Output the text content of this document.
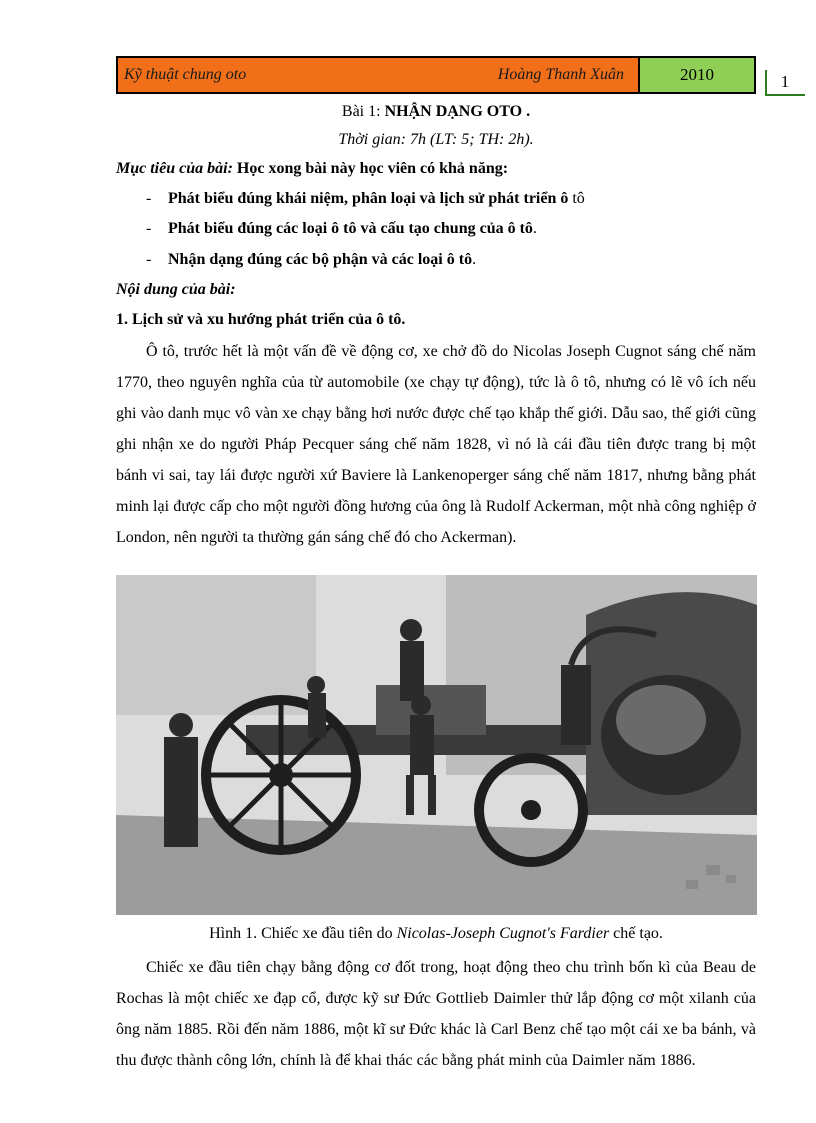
Kỹ thuật chung oto	Hoàng Thanh Xuân	2010	1
Bài 1: NHẬN DẠNG OTO .
Thời gian: 7h (LT: 5; TH: 2h).
Mục tiêu của bài: Học xong bài này học viên có khả năng:
- Phát biểu đúng khái niệm, phân loại và lịch sử phát triển ô tô
- Phát biểu đúng các loại ô tô và cấu tạo chung của ô tô.
- Nhận dạng đúng các bộ phận và các loại ô tô.
Nội dung của bài:
1. Lịch sử và xu hướng phát triển của ô tô.

Ô tô, trước hết là một vấn đề về động cơ, xe chở đồ do Nicolas Joseph Cugnot sáng chế năm 1770, theo nguyên nghĩa của từ automobile (xe chạy tự động), tức là ô tô, nhưng có lẽ vô ích nếu ghi vào danh mục vô vàn xe chạy bằng hơi nước được chế tạo khắp thế giới. Dẫu sao, thế giới cũng ghi nhận xe do người Pháp Pecquer sáng chế năm 1828, vì nó là cái đầu tiên được trang bị một bánh vi sai, tay lái được người xứ Baviere là Lankenoperger sáng chế năm 1817, nhưng bằng phát minh lại được cấp cho một người đồng hương của ông là Rudolf Ackerman, một nhà công nghiệp ở London, nên người ta thường gán sáng chế đó cho Ackerman).

Hình 1. Chiếc xe đầu tiên do Nicolas-Joseph Cugnot's Fardier chế tạo.

Chiếc xe đầu tiên chạy bằng động cơ đốt trong, hoạt động theo chu trình bốn kì của Beau de Rochas là một chiếc xe đạp cổ, được kỹ sư Đức Gottlieb Daimler thử lắp động cơ một xilanh của ông năm 1885. Rồi đến năm 1886, một kĩ sư Đức khác là Carl Benz chế tạo một cái xe ba bánh, và thu được thành công lớn, chính là để khai thác các bằng phát minh của Daimler năm 1886.
